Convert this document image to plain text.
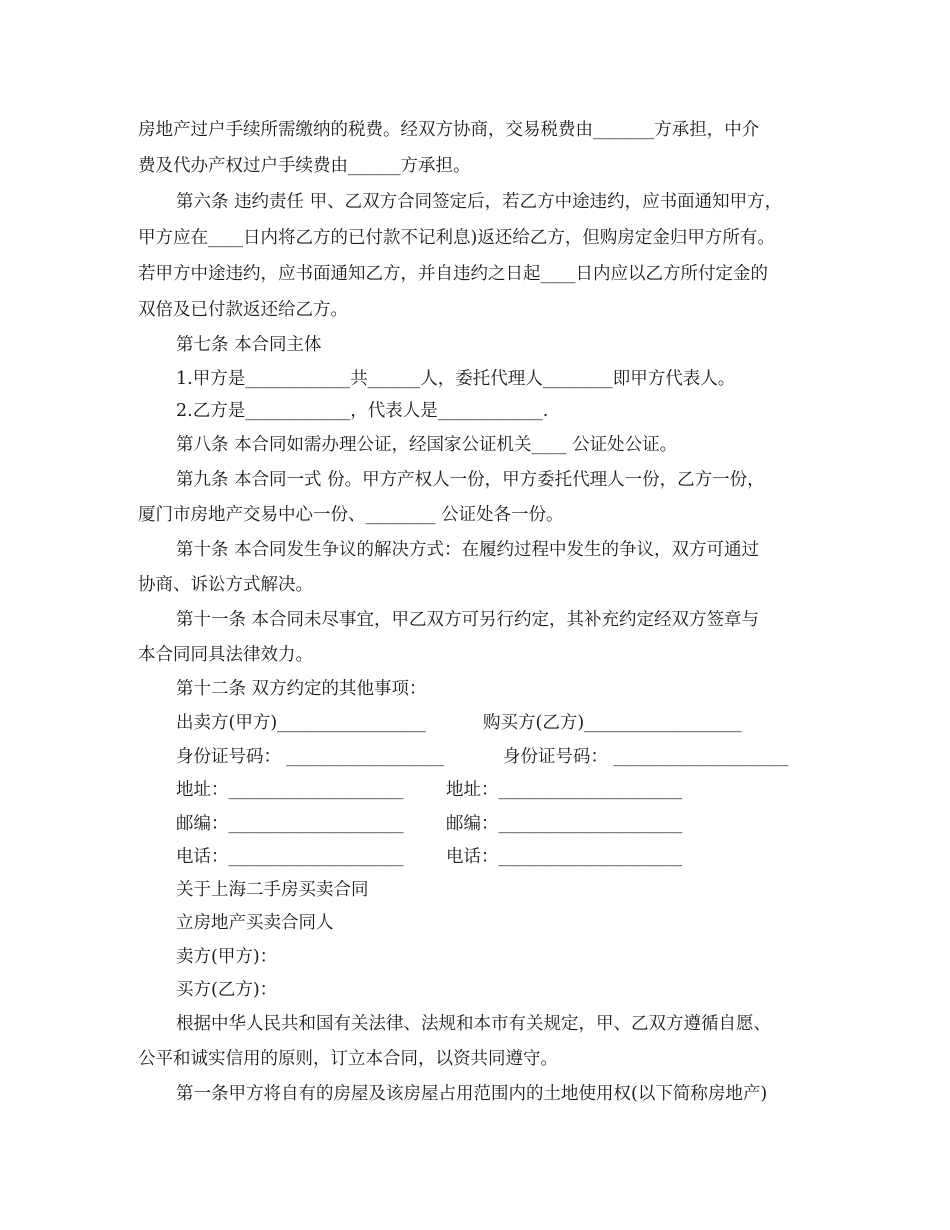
房地产过户手续所需缴纳的税费。经双方协商，交易税费由_______方承担，中介
费及代办产权过户手续费由______方承担。
第六条 违约责任 甲、乙双方合同签定后，若乙方中途违约，应书面通知甲方，
甲方应在____日内将乙方的已付款不记利息)返还给乙方，但购房定金归甲方所有。
若甲方中途违约，应书面通知乙方，并自违约之日起____日内应以乙方所付定金的
双倍及已付款返还给乙方。
第七条 本合同主体
1.甲方是____________共______人，委托代理人________即甲方代表人。
2.乙方是____________，代表人是____________.
第八条 本合同如需办理公证，经国家公证机关____ 公证处公证。
第九条 本合同一式 份。甲方产权人一份，甲方委托代理人一份，乙方一份，
厦门市房地产交易中心一份、________ 公证处各一份。
第十条 本合同发生争议的解决方式：在履约过程中发生的争议，双方可通过
协商、诉讼方式解决。
第十一条 本合同未尽事宜，甲乙双方可另行约定，其补充约定经双方签章与
本合同同具法律效力。
第十二条 双方约定的其他事项：
出卖方(甲方)_________________	购买方(乙方)__________________
身份证号码： __________________	身份证号码： ____________________
地址：____________________ 地址：_____________________
邮编：____________________ 邮编：_____________________
电话：____________________ 电话：_____________________
关于上海二手房买卖合同
立房地产买卖合同人
卖方(甲方)：
买方(乙方)：
根据中华人民共和国有关法律、法规和本市有关规定，甲、乙双方遵循自愿、
公平和诚实信用的原则，订立本合同，以资共同遵守。
第一条甲方将自有的房屋及该房屋占用范围内的土地使用权(以下简称房地产)
